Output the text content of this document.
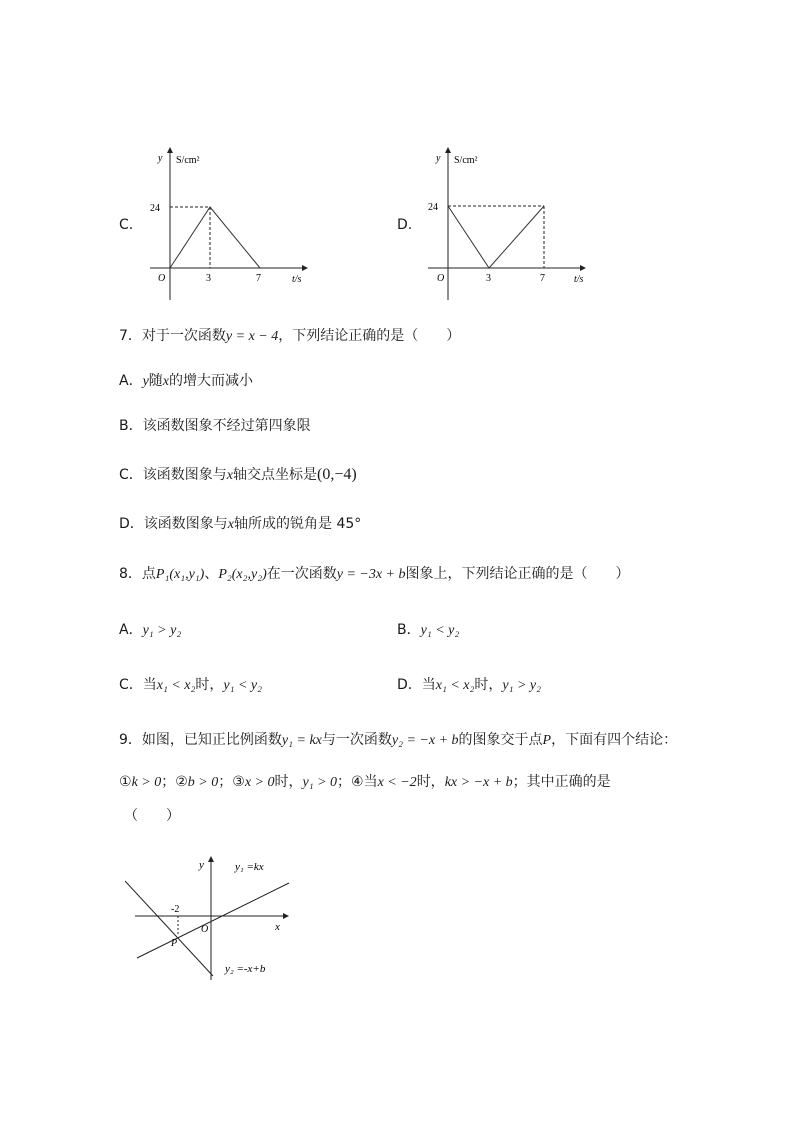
C.
y S/cm²
24
O	3	7	t/s
D.
y S/cm²
24
O	3	7	t/s
7．对于一次函数y = x − 4，下列结论正确的是（　　）
A．y随x的增大而减小
B．该函数图象不经过第四象限
C．该函数图象与x轴交点坐标是(0,−4)
D．该函数图象与x轴所成的锐角是 45°
8．点P₁(x₁,y₁)、P₂(x₂,y₂)在一次函数y = −3x + b图象上，下列结论正确的是（　　）
A．y₁ > y₂	B．y₁ < y₂
C．当x₁ < x₂时，y₁ < y₂	D．当x₁ < x₂时，y₁ > y₂
9．如图，已知正比例函数y₁ = kx与一次函数y₂ = −x + b的图象交于点P，下面有四个结论：
①k > 0；②b > 0；③x > 0时，y₁ > 0；④当x < −2时，kx > −x + b；其中正确的是
（　　）
y
x
O
-2
P
y₁ =kx
y₂ =-x+b
